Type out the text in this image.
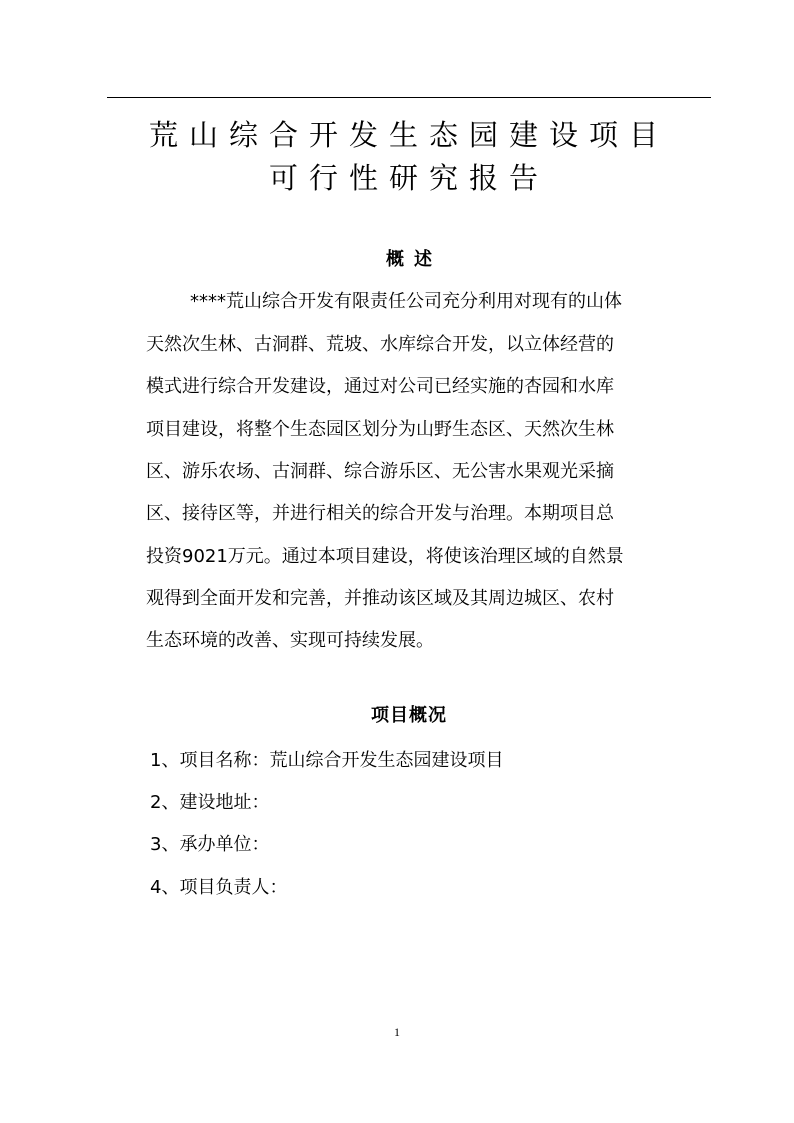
荒山综合开发生态园建设项目
可行性研究报告
概述
****荒山综合开发有限责任公司充分利用对现有的山体
天然次生林、古洞群、荒坡、水库综合开发，以立体经营的
模式进行综合开发建设，通过对公司已经实施的杏园和水库
项目建设，将整个生态园区划分为山野生态区、天然次生林
区、游乐农场、古洞群、综合游乐区、无公害水果观光采摘
区、接待区等，并进行相关的综合开发与治理。本期项目总
投资9021万元。通过本项目建设，将使该治理区域的自然景
观得到全面开发和完善，并推动该区域及其周边城区、农村
生态环境的改善、实现可持续发展。
项目概况
1、项目名称：荒山综合开发生态园建设项目
2、建设地址：
3、承办单位：
4、项目负责人：
1
